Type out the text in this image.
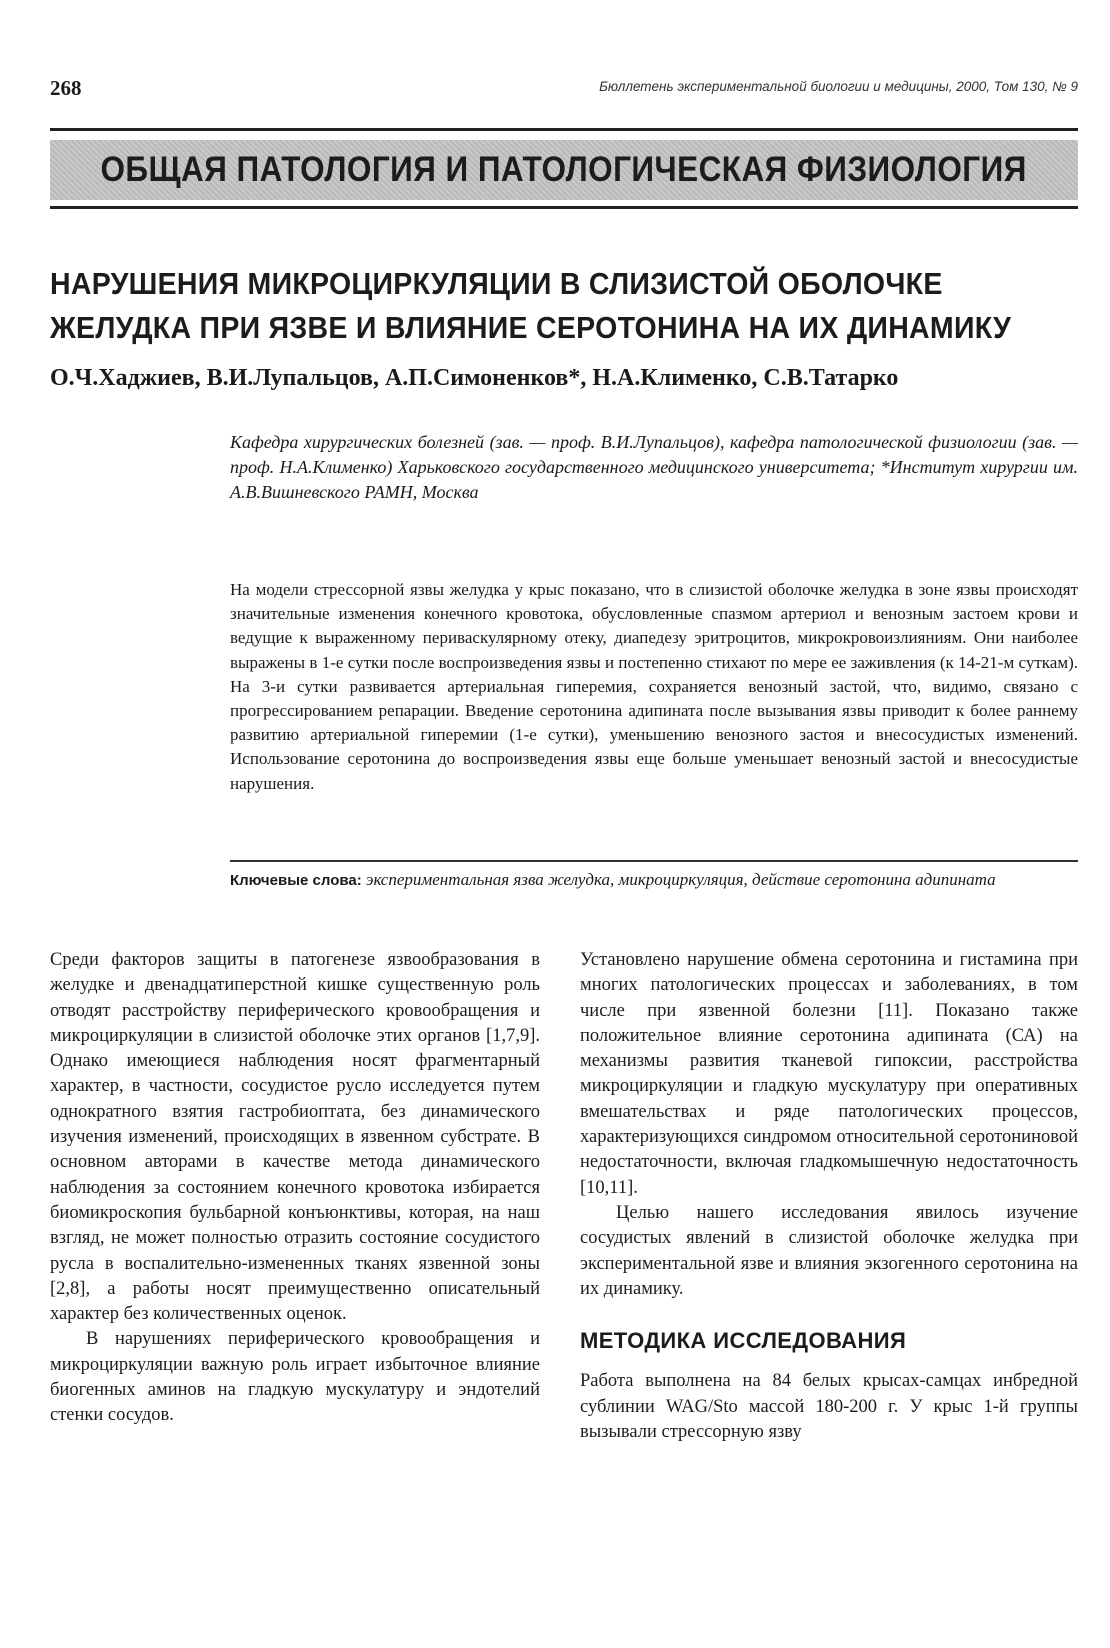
268	Бюллетень экспериментальной биологии и медицины, 2000, Том 130, № 9
ОБЩАЯ ПАТОЛОГИЯ И ПАТОЛОГИЧЕСКАЯ ФИЗИОЛОГИЯ
НАРУШЕНИЯ МИКРОЦИРКУЛЯЦИИ В СЛИЗИСТОЙ ОБОЛОЧКЕ
ЖЕЛУДКА ПРИ ЯЗВЕ И ВЛИЯНИЕ СЕРОТОНИНА НА ИХ ДИНАМИКУ
О.Ч.Хаджиев, В.И.Лупальцов, А.П.Симоненков*, Н.А.Клименко, С.В.Татарко
Кафедра хирургических болезней (зав. — проф. В.И.Лупальцов), кафедра патологической физиологии (зав. — проф. Н.А.Клименко) Харьковского государственного медицинского университета; *Институт хирургии им. А.В.Вишневского РАМН, Москва
На модели стрессорной язвы желудка у крыс показано, что в слизистой оболочке желудка в зоне язвы происходят значительные изменения конечного кровотока, обусловленные спазмом артериол и венозным застоем крови и ведущие к выраженному периваскулярному отеку, диапедезу эритроцитов, микрокровоизлияниям. Они наиболее выражены в 1-е сутки после воспроизведения язвы и постепенно стихают по мере ее заживления (к 14-21-м суткам). На 3-и сутки развивается артериальная гиперемия, сохраняется венозный застой, что, видимо, связано с прогрессированием репарации. Введение серотонина адипината после вызывания язвы приводит к более раннему развитию артериальной гиперемии (1-е сутки), уменьшению венозного застоя и внесосудистых изменений. Использование серотонина до воспроизведения язвы еще больше уменьшает венозный застой и внесосудистые нарушения.
Ключевые слова: экспериментальная язва желудка, микроциркуляция, действие серотонина адипината

Среди факторов защиты в патогенезе язвообразования в желудке и двенадцатиперстной кишке существенную роль отводят расстройству периферического кровообращения и микроциркуляции в слизистой оболочке этих органов [1,7,9]. Однако имеющиеся наблюдения носят фрагментарный характер, в частности, сосудистое русло исследуется путем однократного взятия гастробиоптата, без динамического изучения изменений, происходящих в язвенном субстрате. В основном авторами в качестве метода динамического наблюдения за состоянием конечного кровотока избирается биомикроскопия бульбарной конъюнктивы, которая, на наш взгляд, не может полностью отразить состояние сосудистого русла в воспалительно-измененных тканях язвенной зоны [2,8], а работы носят преимущественно описательный характер без количественных оценок.

В нарушениях периферического кровообращения и микроциркуляции важную роль играет избыточное влияние биогенных аминов на гладкую мускулатуру и эндотелий стенки сосудов.

Установлено нарушение обмена серотонина и гистамина при многих патологических процессах и заболеваниях, в том числе при язвенной болезни [11]. Показано также положительное влияние серотонина адипината (СА) на механизмы развития тканевой гипоксии, расстройства микроциркуляции и гладкую мускулатуру при оперативных вмешательствах и ряде патологических процессов, характеризующихся синдромом относительной серотониновой недостаточности, включая гладкомышечную недостаточность [10,11].

Целью нашего исследования явилось изучение сосудистых явлений в слизистой оболочке желудка при экспериментальной язве и влияния экзогенного серотонина на их динамику.

МЕТОДИКА ИССЛЕДОВАНИЯ

Работа выполнена на 84 белых крысах-самцах инбредной сублинии WAG/Sto массой 180-200 г. У крыс 1-й группы вызывали стрессорную язву
